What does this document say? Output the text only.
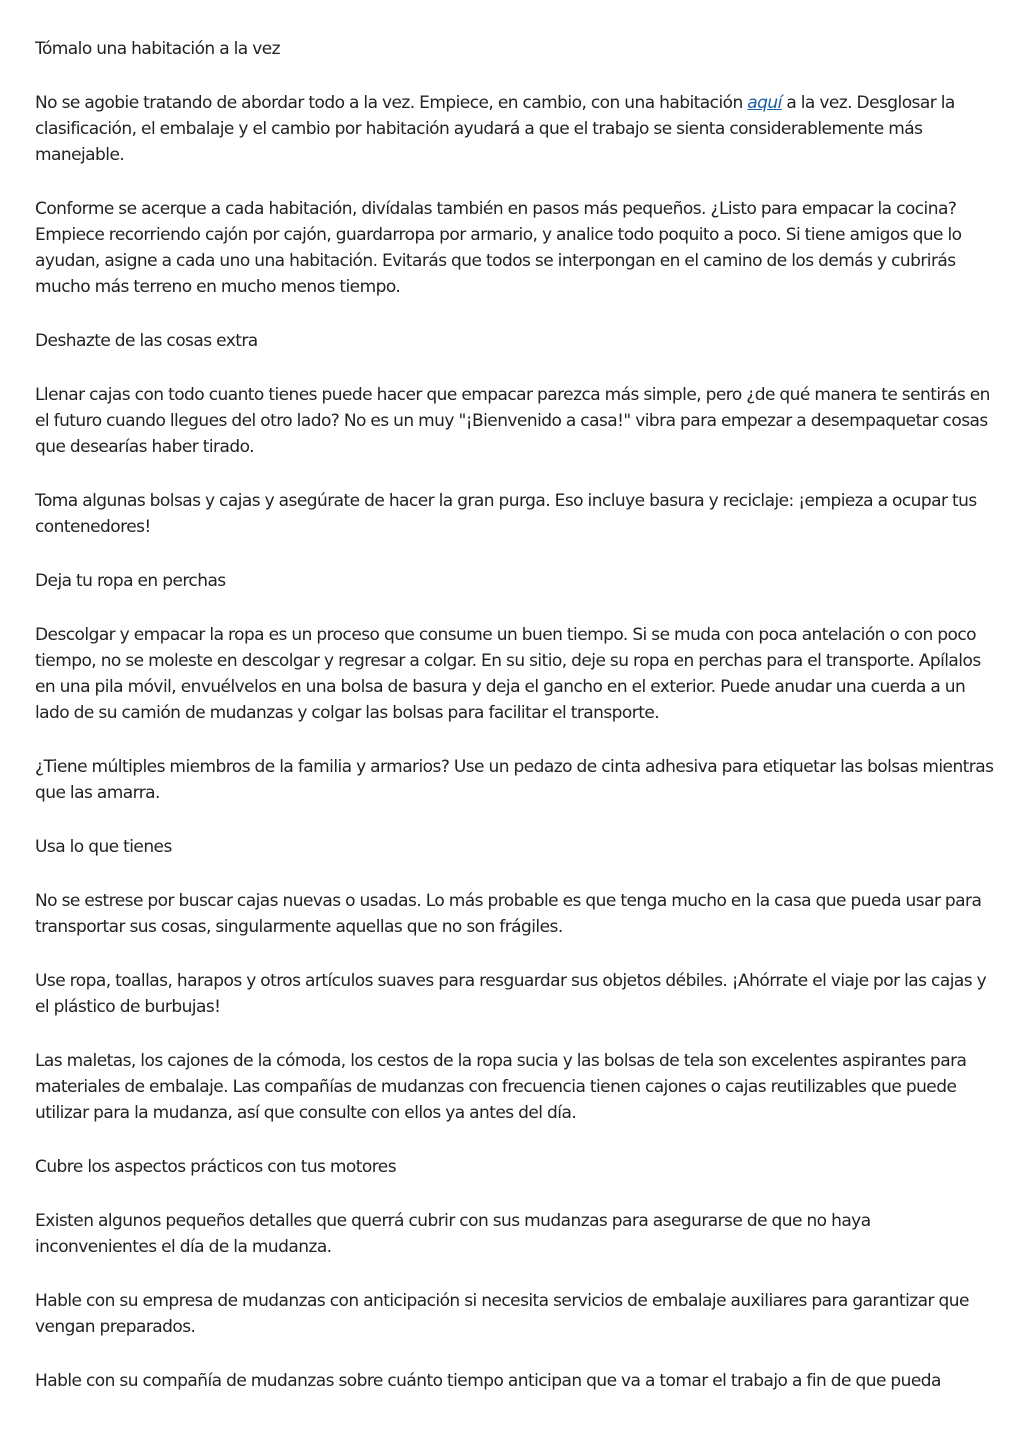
Tómalo una habitación a la vez

No se agobie tratando de abordar todo a la vez. Empiece, en cambio, con una habitación aquí a la vez. Desglosar la clasificación, el embalaje y el cambio por habitación ayudará a que el trabajo se sienta considerablemente más manejable.

Conforme se acerque a cada habitación, divídalas también en pasos más pequeños. ¿Listo para empacar la cocina? Empiece recorriendo cajón por cajón, guardarropa por armario, y analice todo poquito a poco. Si tiene amigos que lo ayudan, asigne a cada uno una habitación. Evitarás que todos se interpongan en el camino de los demás y cubrirás mucho más terreno en mucho menos tiempo.

Deshazte de las cosas extra

Llenar cajas con todo cuanto tienes puede hacer que empacar parezca más simple, pero ¿de qué manera te sentirás en el futuro cuando llegues del otro lado? No es un muy "¡Bienvenido a casa!" vibra para empezar a desempaquetar cosas que desearías haber tirado.

Toma algunas bolsas y cajas y asegúrate de hacer la gran purga. Eso incluye basura y reciclaje: ¡empieza a ocupar tus contenedores!

Deja tu ropa en perchas

Descolgar y empacar la ropa es un proceso que consume un buen tiempo. Si se muda con poca antelación o con poco tiempo, no se moleste en descolgar y regresar a colgar. En su sitio, deje su ropa en perchas para el transporte. Apílalos en una pila móvil, envuélvelos en una bolsa de basura y deja el gancho en el exterior. Puede anudar una cuerda a un lado de su camión de mudanzas y colgar las bolsas para facilitar el transporte.

¿Tiene múltiples miembros de la familia y armarios? Use un pedazo de cinta adhesiva para etiquetar las bolsas mientras que las amarra.

Usa lo que tienes

No se estrese por buscar cajas nuevas o usadas. Lo más probable es que tenga mucho en la casa que pueda usar para transportar sus cosas, singularmente aquellas que no son frágiles.

Use ropa, toallas, harapos y otros artículos suaves para resguardar sus objetos débiles. ¡Ahórrate el viaje por las cajas y el plástico de burbujas!

Las maletas, los cajones de la cómoda, los cestos de la ropa sucia y las bolsas de tela son excelentes aspirantes para materiales de embalaje. Las compañías de mudanzas con frecuencia tienen cajones o cajas reutilizables que puede utilizar para la mudanza, así que consulte con ellos ya antes del día.

Cubre los aspectos prácticos con tus motores

Existen algunos pequeños detalles que querrá cubrir con sus mudanzas para asegurarse de que no haya inconvenientes el día de la mudanza.

Hable con su empresa de mudanzas con anticipación si necesita servicios de embalaje auxiliares para garantizar que vengan preparados.

Hable con su compañía de mudanzas sobre cuánto tiempo anticipan que va a tomar el trabajo a fin de que pueda
